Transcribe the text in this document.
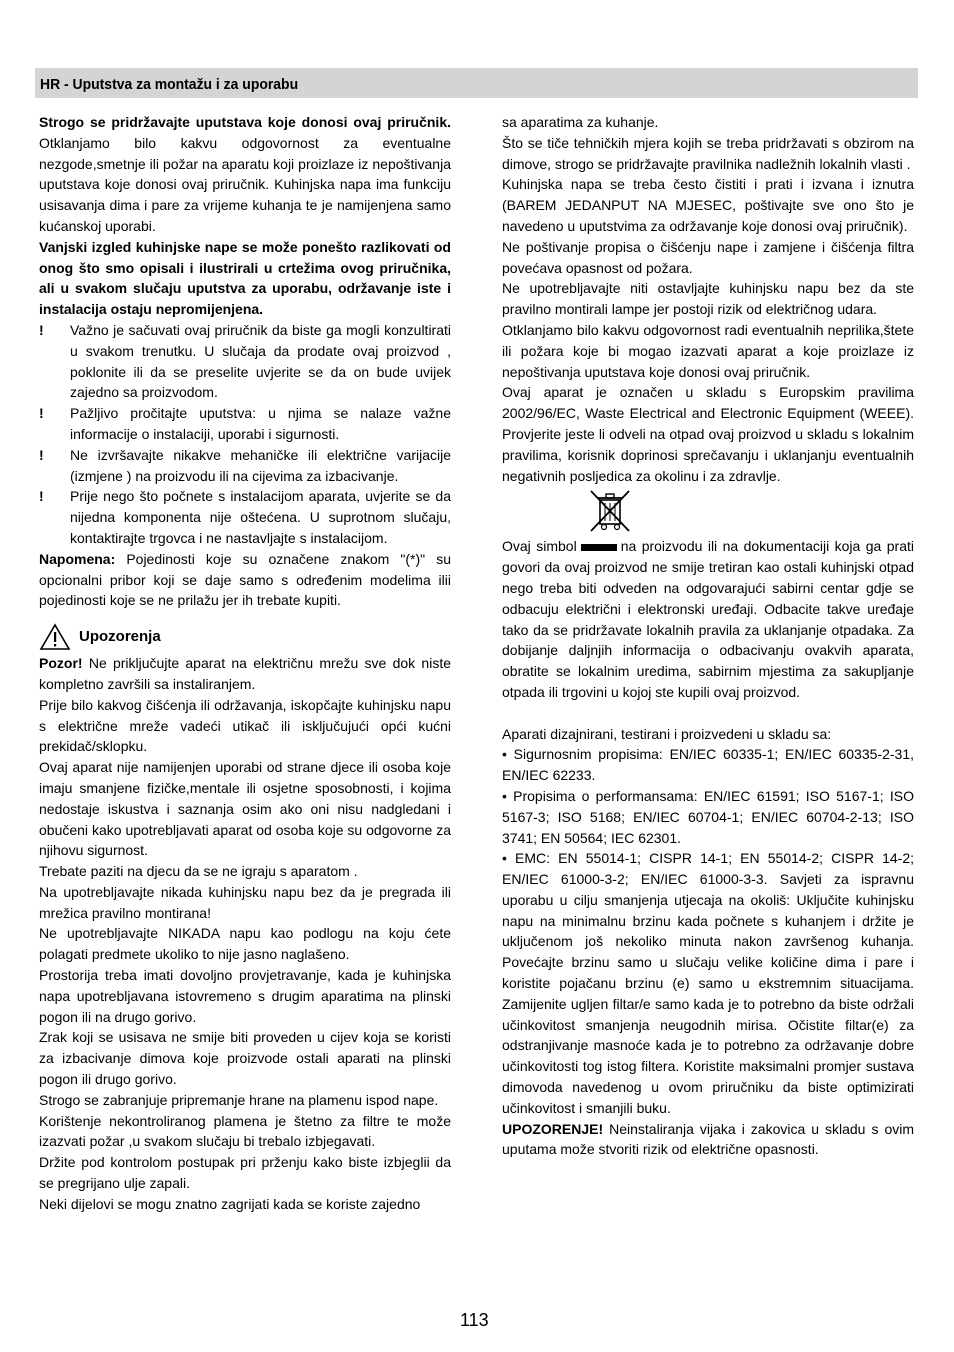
HR - Uputstva za montažu i za uporabu

Strogo se pridržavajte uputstava koje donosi ovaj priručnik. Otklanjamo bilo kakvu odgovornost za eventualne nezgode,smetnje ili požar na aparatu koji proizlaze iz nepoštivanja uputstava koje donosi ovaj priručnik. Kuhinjska napa ima funkciju usisavanja dima i pare za vrijeme kuhanja te je namijenjena samo kućanskoj uporabi.

Vanjski izgled kuhinjske nape se može ponešto razlikovati od onog što smo opisali i ilustrirali u crtežima ovog priručnika, ali u svakom slučaju uputstva za uporabu, održavanje iste i instalacija ostaju nepromijenjena.

! Važno je sačuvati ovaj priručnik da biste ga mogli konzultirati u svakom trenutku. U slučaja da prodate ovaj proizvod , poklonite ili da se preselite uvjerite se da on bude uvijek zajedno sa proizvodom.
! Pažljivo pročitajte uputstva: u njima se nalaze važne informacije o instalaciji, uporabi i sigurnosti.
! Ne izvršavajte nikakve mehaničke ili električne varijacije (izmjene ) na proizvodu ili na cijevima za izbacivanje.
! Prije nego što počnete s instalacijom aparata, uvjerite se da nijedna komponenta nije oštećena. U suprotnom slučaju, kontaktirajte trgovca i ne nastavljajte s instalacijom.

Napomena: Pojedinosti koje su označene znakom "(*)" su opcionalni pribor koji se daje samo s određenim modelima ilii pojedinosti koje se ne prilažu jer ih trebate kupiti.

Upozorenja

Pozor! Ne priključujte aparat na električnu mrežu sve dok niste kompletno završili sa instaliranjem.

Prije bilo kakvog čišćenja ili održavanja, iskopčajte kuhinjsku napu s električne mreže vadeći utikač ili isključujući opći kućni prekidač/sklopku.

Ovaj aparat nije namijenjen uporabi od strane djece ili osoba koje imaju smanjene fizičke,mentale ili osjetne sposobnosti, i kojima nedostaje iskustva i saznanja osim ako oni nisu nadgledani i obučeni kako upotrebljavati aparat od osoba koje su odgovorne za njihovu sigurnost.

Trebate paziti na djecu da se ne igraju s aparatom .

Na upotrebljavajte nikada kuhinjsku napu bez da je pregrada ili mrežica pravilno montirana!

Ne upotrebljavajte NIKADA napu kao podlogu na koju ćete polagati predmete ukoliko to nije jasno naglašeno.

Prostorija treba imati dovoljno provjetravanje, kada je kuhinjska napa upotrebljavana istovremeno s drugim aparatima na plinski pogon ili na drugo gorivo.

Zrak koji se usisava ne smije biti proveden u cijev koja se koristi za izbacivanje dimova koje proizvode ostali aparati na plinski pogon ili drugo gorivo.

Strogo se zabranjuje pripremanje hrane na plamenu ispod nape.

Korištenje nekontroliranog plamena je štetno za filtre te može izazvati požar ,u svakom slučaju bi trebalo izbjegavati.

Držite pod kontrolom postupak pri prženju kako biste izbjeglii da se pregrijano ulje zapali.

Neki dijelovi se mogu znatno zagrijati kada se koriste zajedno

sa aparatima za kuhanje.

Što se tiče tehničkih mjera kojih se treba pridržavati s obzirom na dimove, strogo se pridržavajte pravilnika nadležnih lokalnih vlasti .

Kuhinjska napa se treba često čistiti i prati i izvana i iznutra (BAREM JEDANPUT NA MJESEC, poštivajte sve ono što je navedeno u uputstvima za održavanje koje donosi ovaj priručnik).

Ne poštivanje propisa o čišćenju nape i zamjene i čišćenja filtra povećava opasnost od požara.

Ne upotrebljavajte niti ostavljajte kuhinjsku napu bez da ste pravilno montirali lampe jer postoji rizik od električnog udara.

Otklanjamo bilo kakvu odgovornost radi eventualnih neprilika,štete ili požara koje bi mogao izazvati aparat a koje proizlaze iz nepoštivanja uputstava koje donosi ovaj priručnik.

Ovaj aparat je označen u skladu s Europskim pravilima 2002/96/EC, Waste Electrical and Electronic Equipment (WEEE). Provjerite jeste li odveli na otpad ovaj proizvod u skladu s lokalnim pravilima, korisnik doprinosi sprečavanju i uklanjanju eventualnih negativnih posljedica za okolinu i za zdravlje.

Ovaj simbol	na proizvodu ili na dokumentaciji koja ga prati govori da ovaj proizvod ne smije tretiran kao ostali kuhinjski otpad nego treba biti odveden na odgovarajući sabirni centar gdje se odbacuju električni i elektronski uređaji. Odbacite takve uređaje tako da se pridržavate lokalnih pravila za uklanjanje otpadaka. Za dobijanje daljnjih informacija o odbacivanju ovakvih aparata, obratite se lokalnim uredima, sabirnim mjestima za sakupljanje otpada ili trgovini u kojoj ste kupili ovaj proizvod.

Aparati dizajnirani, testirani i proizvedeni u skladu sa:

• Sigurnosnim propisima: EN/IEC 60335-1; EN/IEC 60335-2-31, EN/IEC 62233.

• Propisima o performansama: EN/IEC 61591; ISO 5167-1; ISO 5167-3; ISO 5168; EN/IEC 60704-1; EN/IEC 60704-2-13; ISO 3741; EN 50564; IEC 62301.

• EMC: EN 55014-1; CISPR 14-1; EN 55014-2; CISPR 14-2; EN/IEC 61000-3-2; EN/IEC 61000-3-3. Savjeti za ispravnu uporabu u cilju smanjenja utjecaja na okoliš: Uključite kuhinjsku napu na minimalnu brzinu kada počnete s kuhanjem i držite je uključenom još nekoliko minuta nakon završenog kuhanja. Povećajte brzinu samo u slučaju velike količine dima i pare i koristite pojačanu brzinu (e) samo u ekstremnim situacijama. Zamijenite ugljen filtar/e samo kada je to potrebno da biste održali učinkovitost smanjenja neugodnih mirisa. Očistite filtar(e) za odstranjivanje masnoće kada je to potrebno za održavanje dobre učinkovitosti tog istog filtera. Koristite maksimalni promjer sustava dimovoda navedenog u ovom priručniku da biste optimizirati učinkovitost i smanjili buku.

UPOZORENJE! Neinstaliranja vijaka i zakovica u skladu s ovim uputama može stvoriti rizik od električne opasnosti.

113
